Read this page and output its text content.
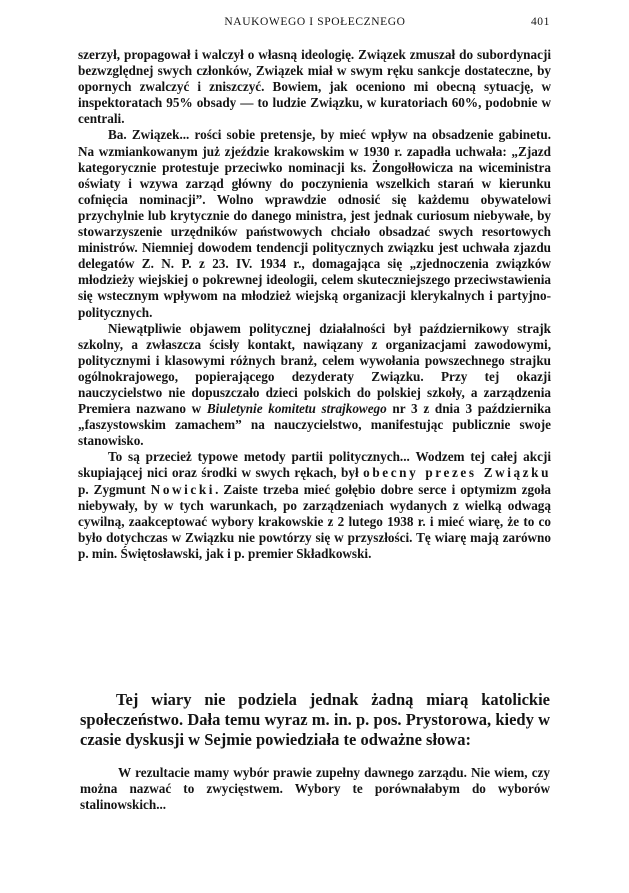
NAUKOWEGO I SPOŁECZNEGO	401

szerzył, propagował i walczył o własną ideologię. Związek zmuszał do subordynacji bezwzględnej swych członków, Związek miał w swym ręku sankcje dostateczne, by opornych zwalczyć i zniszczyć. Bowiem, jak oceniono mi obecną sytuację, w inspektoratach 95% obsady — to ludzie Związku, w kuratoriach 60%, podobnie w centrali.

Ba. Związek... rości sobie pretensje, by mieć wpływ na obsadzenie gabinetu. Na wzmiankowanym już zjeździe krakowskim w 1930 r. zapadła uchwała: „Zjazd kategorycznie protestuje przeciwko nominacji ks. Żongołłowicza na wiceministra oświaty i wzywa zarząd główny do poczynienia wszelkich starań w kierunku cofnięcia nominacji”. Wolno wprawdzie odnosić się każdemu obywatelowi przychylnie lub krytycznie do danego ministra, jest jednak curiosum niebywałe, by stowarzyszenie urzędników państwowych chciało obsadzać swych resortowych ministrów. Niemniej dowodem tendencji politycznych związku jest uchwała zjazdu delegatów Z. N. P. z 23. IV. 1934 r., domagająca się „zjednoczenia związków młodzieży wiejskiej o pokrewnej ideologii, celem skuteczniejszego przeciwstawienia się wstecznym wpływom na młodzież wiejską organizacji klerykalnych i partyjno-politycznych.

Niewątpliwie objawem politycznej działalności był październikowy strajk szkolny, a zwłaszcza ścisły kontakt, nawiązany z organizacjami zawodowymi, politycznymi i klasowymi różnych branż, celem wywołania powszechnego strajku ogólnokrajowego, popierającego dezyderaty Związku. Przy tej okazji nauczycielstwo nie dopuszczało dzieci polskich do polskiej szkoły, a zarządzenia Premiera nazwano w Biuletynie komitetu strajkowego nr 3 z dnia 3 października „faszystowskim zamachem” na nauczycielstwo, manifestując publicznie swoje stanowisko.

To są przecież typowe metody partii politycznych... Wodzem tej całej akcji skupiającej nici oraz środki w swych rękach, był obecny prezes Związku p. Zygmunt Nowicki. Zaiste trzeba mieć gołębio dobre serce i optymizm zgoła niebywały, by w tych warunkach, po zarządzeniach wydanych z wielką odwagą cywilną, zaakceptować wybory krakowskie z 2 lutego 1938 r. i mieć wiarę, że to co było dotychczas w Związku nie powtórzy się w przyszłości. Tę wiarę mają zarówno p. min. Świętosławski, jak i p. premier Składkowski.

Tej wiary nie podziela jednak żadną miarą katolickie społeczeństwo. Dała temu wyraz m. in. p. pos. Prystorowa, kiedy w czasie dyskusji w Sejmie powiedziała te odważne słowa:

W rezultacie mamy wybór prawie zupełny dawnego zarządu. Nie wiem, czy można nazwać to zwycięstwem. Wybory te porównałabym do wyborów stalinowskich...
